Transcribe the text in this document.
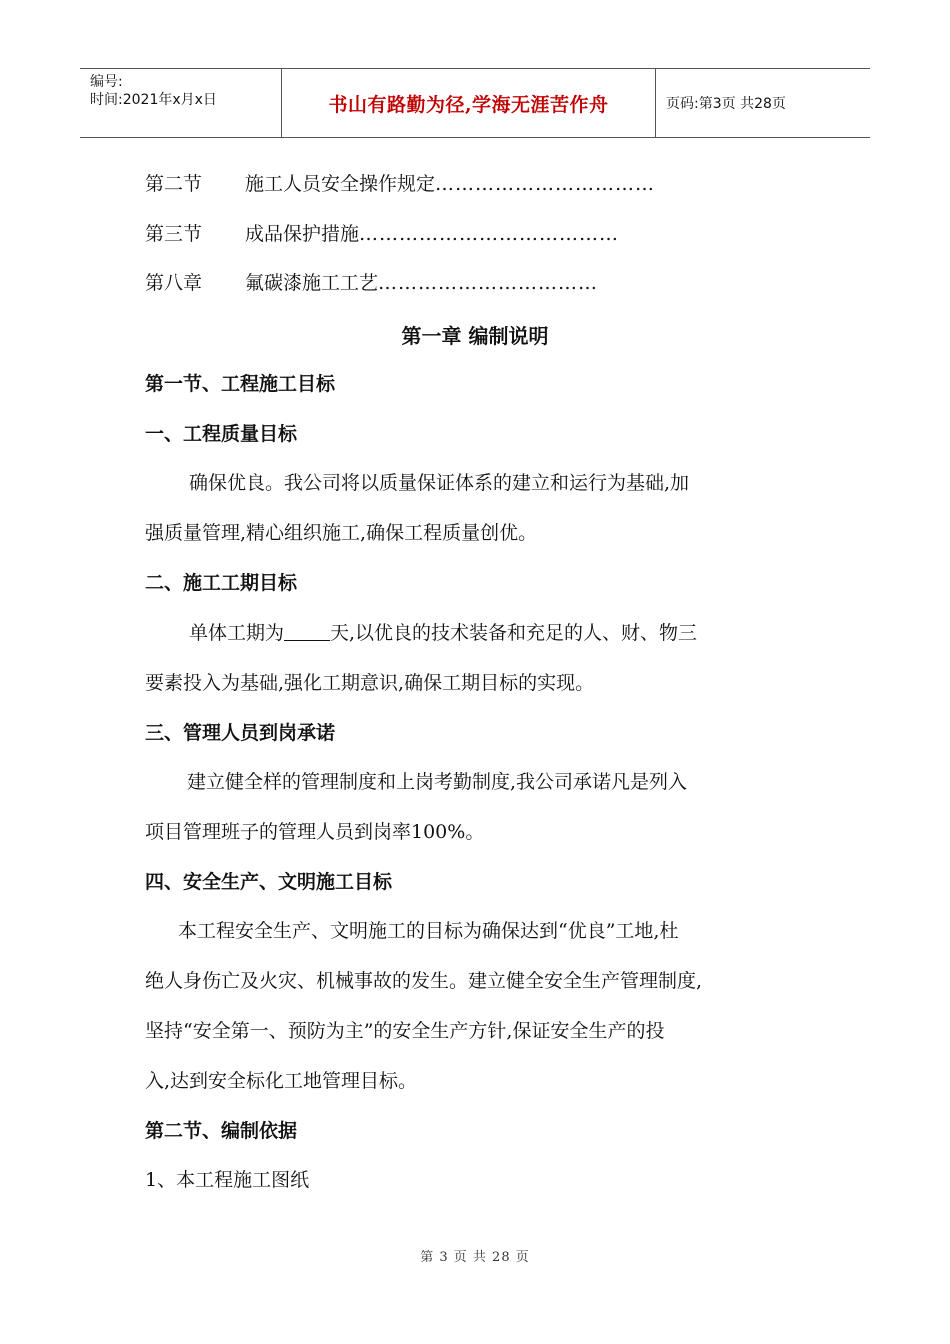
编号:
时间:2021年x月x日	书山有路勤为径,学海无涯苦作舟	页码:第3页 共28页
第二节 施工人员安全操作规定……………………………
第三节 成品保护措施…………………………………
第八章 氟碳漆施工工艺……………………………
第一章 编制说明
第一节、工程施工目标
一、工程质量目标
确保优良。我公司将以质量保证体系的建立和运行为基础,加
强质量管理,精心组织施工,确保工程质量创优。
二、施工工期目标
单体工期为 天,以优良的技术装备和充足的人、财、物三
要素投入为基础,强化工期意识,确保工期目标的实现。
三、管理人员到岗承诺
建立健全样的管理制度和上岗考勤制度,我公司承诺凡是列入
项目管理班子的管理人员到岗率100%。
四、安全生产、文明施工目标
本工程安全生产、文明施工的目标为确保达到“优良”工地,杜
绝人身伤亡及火灾、机械事故的发生。建立健全安全生产管理制度,
坚持“安全第一、预防为主”的安全生产方针,保证安全生产的投
入,达到安全标化工地管理目标。
第二节、编制依据
1、本工程施工图纸
第 3 页 共 28 页
